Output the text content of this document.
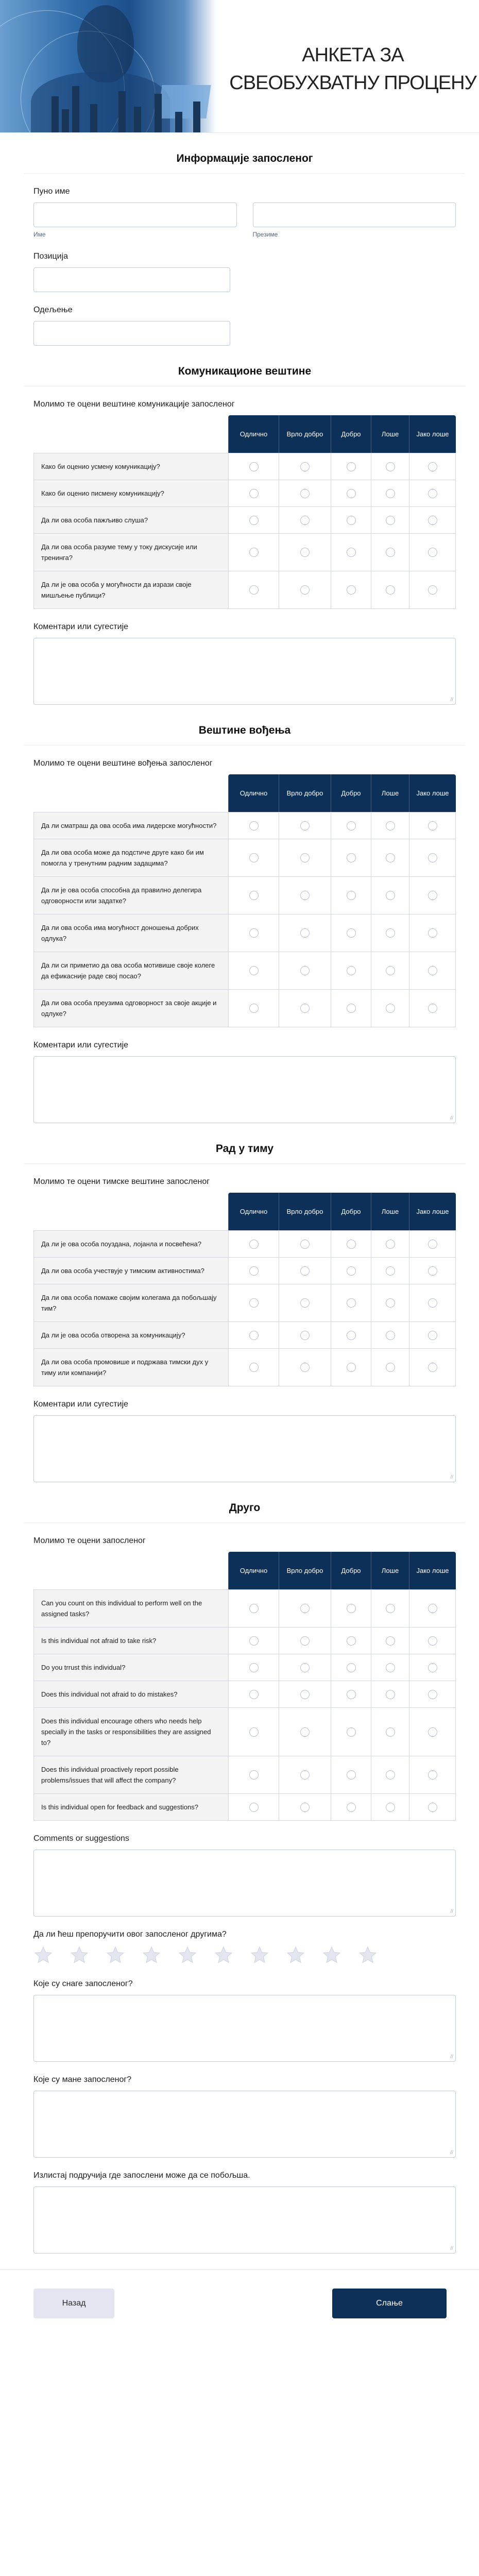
АНКЕТА ЗА
СВЕОБУХВАТНУ ПРОЦЕНУ
Информације запосленог
Пуно име
Име	Презиме
Позиција
Одељење
Комуникационе вештине
Молимо те оцени вештине комуникације запосленог
	Одлично	Врло добро	Добро	Лоше	Јако лоше
Како би оценио усмену комуникацију?					
Како би оценио писмену комуникацију?					
Да ли ова особа пажљиво слуша?					
Да ли ова особа разуме тему у току дискусије или тренинга?					
Да ли је ова особа у могућности да изрази своје мишљење публици?					
Коментари или сугестије
//
Вештине вођења
Молимо те оцени вештине вођења запосленог
	Одлично	Врло добро	Добро	Лоше	Јако лоше
Да ли сматраш да ова особа има лидерске могућности?					
Да ли ова особа може да подстиче друге како би им помогла у тренутним радним задацима?					
Да ли је ова особа способна да правилно делегира одговорности или задатке?					
Да ли ова особа има могућност доношења добрих одлука?					
Да ли си приметио да ова особа мотивише своје колеге да ефикасније раде свој посао?					
Да ли ова особа преузима одговорност за своје акције и одлуке?					
Коментари или сугестије
//
Рад у тиму
Молимо те оцени тимске вештине запосленог
	Одлично	Врло добро	Добро	Лоше	Јако лоше
Да ли је ова особа поуздана, лојанла и посвећена?					
Да ли ова особа учествује у тимским активностима?					
Да ли ова особа помаже својим колегама да побољшају тим?					
Да ли је ова особа отворена за комуникацију?					
Да ли ова особа промовише и подржава тимски дух у тиму или компанији?					
Коментари или сугестије
//
Друго
Молимо те оцени запосленог
	Одлично	Врло добро	Добро	Лоше	Јако лоше
Can you count on this individual to perform well on the assigned tasks?					
Is this individual not afraid to take risk?					
Do you trrust this individual?					
Does this individual not afraid to do mistakes?					
Does this individual encourage others who needs help specially in the tasks or responsibilities they are assigned to?					
Does this individual proactively report possible problems/issues that will affect the company?					
Is this individual open for feedback and suggestions?					
Comments or suggestions
//
Да ли ћеш препоручити овог запосленог другима?
Које су снаге запосленог?
//
Које су мане запосленог?
//
Излистај подручија где запослени може да се побољша.
//
Назад	Слање
